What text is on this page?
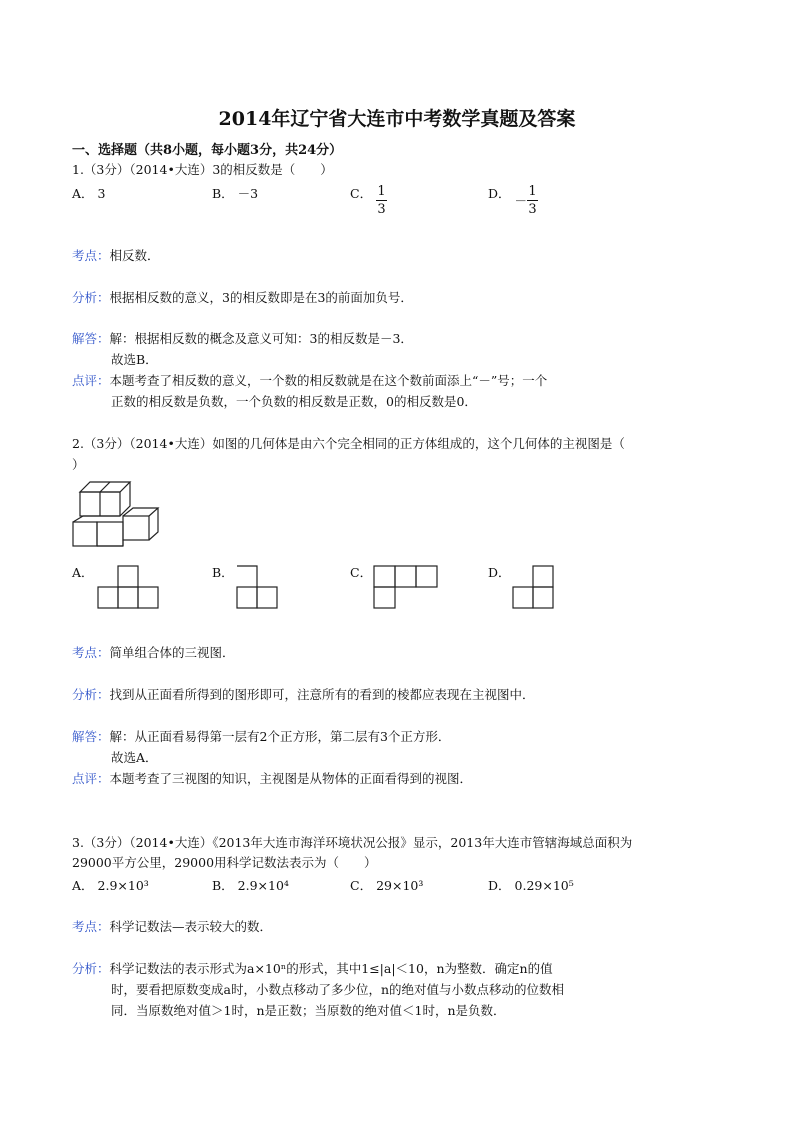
2014年辽宁省大连市中考数学真题及答案
一、选择题（共8小题，每小题3分，共24分）
1.（3分）（2014•大连）3的相反数是（　　）
A． 3	B． －3	C． $\frac{1}{3}$	D． － $\frac{1}{3}$
考点：相反数．
分析：根据相反数的意义，3的相反数即是在3的前面加负号．
解答：解：根据相反数的概念及意义可知：3的相反数是－3．
故选B．
点评：本题考查了相反数的意义，一个数的相反数就是在这个数前面添上“－”号；一个
正数的相反数是负数，一个负数的相反数是正数，0的相反数是0．
2.（3分）（2014•大连）如图的几何体是由六个完全相同的正方体组成的，这个几何体的主视图是（
）
A．	B．	C．	D．
考点：简单组合体的三视图．
分析：找到从正面看所得到的图形即可，注意所有的看到的棱都应表现在主视图中．
解答：解：从正面看易得第一层有2个正方形，第二层有3个正方形．
故选A．
点评：本题考查了三视图的知识，主视图是从物体的正面看得到的视图．
3.（3分）（2014•大连）《2013年大连市海洋环境状况公报》显示，2013年大连市管辖海域总面积为
29000平方公里，29000用科学记数法表示为（　　）
A． 2.9×10³	B． 2.9×10⁴	C． 29×10³	D． 0.29×10⁵
考点：科学记数法—表示较大的数．
分析：科学记数法的表示形式为a×10ⁿ的形式，其中1≤|a|＜10，n为整数．确定n的值
时，要看把原数变成a时，小数点移动了多少位，n的绝对值与小数点移动的位数相
同．当原数绝对值＞1时，n是正数；当原数的绝对值＜1时，n是负数．
